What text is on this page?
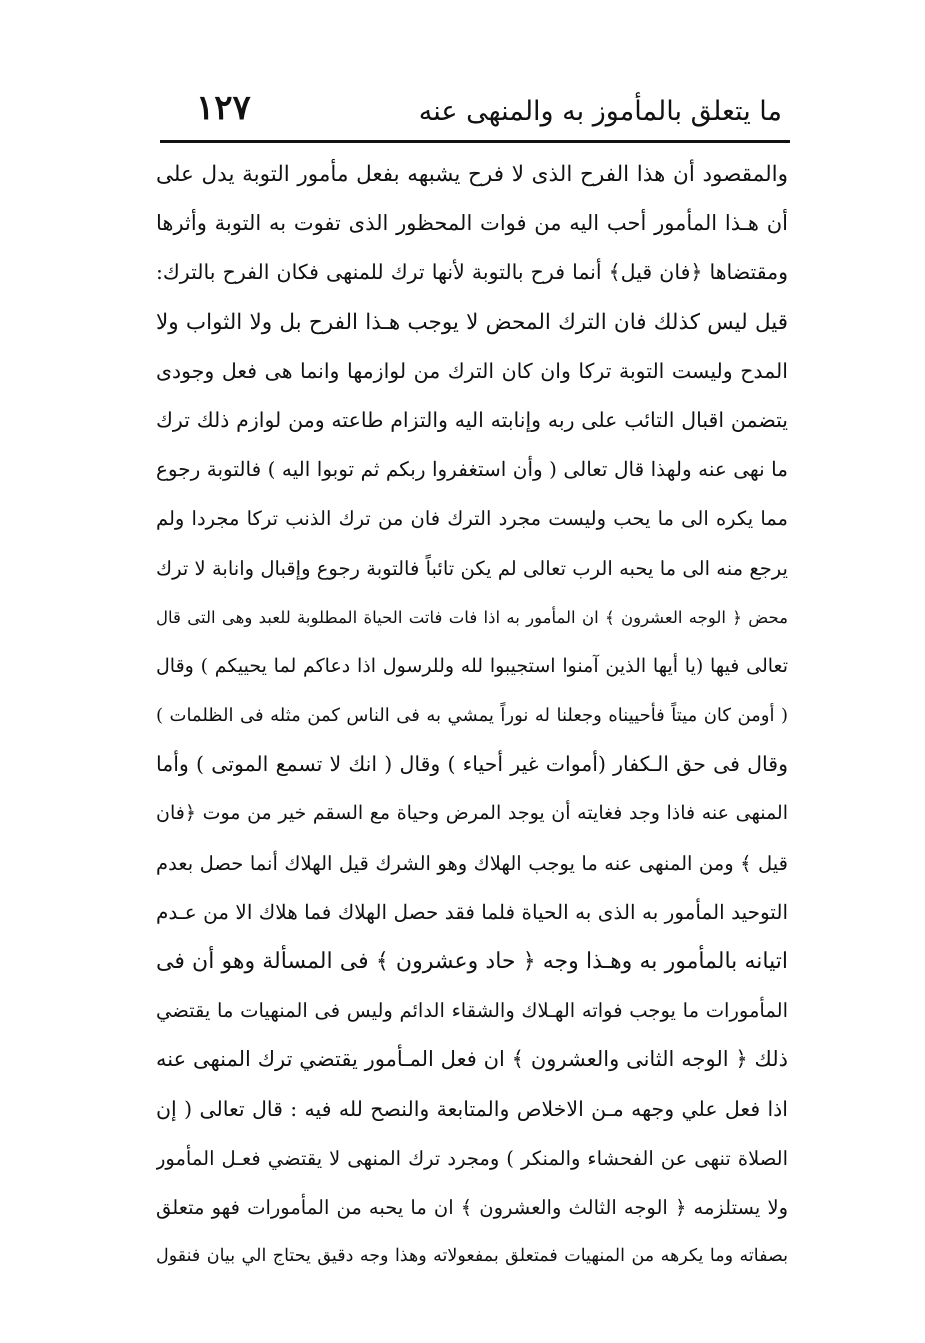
ما يتعلق بالمأموز به والمنهى عنه
١٢٧
والمقصود أن هذا الفرح الذى لا فرح يشبهه بفعل مأمور التوبة يدل على
أن هـذا المأمور أحب اليه من فوات المحظور الذى تفوت به التوبة وأثرها
ومقتضاها ﴿فان قيل﴾ أنما فرح بالتوبة لأنها ترك للمنهى فكان الفرح بالترك:
قيل ليس كذلك فان الترك المحض لا يوجب هـذا الفرح بل ولا الثواب ولا
المدح وليست التوبة تركا وان كان الترك من لوازمها وانما هى فعل وجودى
يتضمن اقبال التائب على ربه وإنابته اليه والتزام طاعته ومن لوازم ذلك ترك
ما نهى عنه ولهذا قال تعالى ( وأن استغفروا ربكم ثم توبوا اليه ) فالتوبة رجوع
مما يكره الى ما يحب وليست مجرد الترك فان من ترك الذنب تركا مجردا ولم
يرجع منه الى ما يحبه الرب تعالى لم يكن تائباً فالتوبة رجوع وإقبال وانابة لا ترك
محض ﴿ الوجه العشرون ﴾ ان المأمور به اذا فات فاتت الحياة المطلوبة للعبد وهى التى قال
تعالى فيها (يا أيها الذين آمنوا استجيبوا لله وللرسول اذا دعاكم لما يحييكم ) وقال
( أومن كان ميتاً فأحييناه وجعلنا له نوراً يمشي به فى الناس كمن مثله فى الظلمات )
وقال فى حق الـكفار (أموات غير أحياء ) وقال ( انك لا تسمع الموتى ) وأما
المنهى عنه فاذا وجد فغايته أن يوجد المرض وحياة مع السقم خير من موت ﴿فان
قيل ﴾ ومن المنهى عنه ما يوجب الهلاك وهو الشرك قيل الهلاك أنما حصل بعدم
التوحيد المأمور به الذى به الحياة فلما فقد حصل الهلاك فما هلاك الا من عـدم
اتيانه بالمأمور به وهـذا وجه ﴿ حاد وعشرون ﴾ فى المسألة وهو أن فى
المأمورات ما يوجب فواته الهـلاك والشقاء الدائم وليس فى المنهيات ما يقتضي
ذلك ﴿ الوجه الثانى والعشرون ﴾ ان فعل المـأمور يقتضي ترك المنهى عنه
اذا فعل علي وجهه مـن الاخلاص والمتابعة والنصح لله فيه : قال تعالى ( إن
الصلاة تنهى عن الفحشاء والمنكر ) ومجرد ترك المنهى لا يقتضي فعـل المأمور
ولا يستلزمه ﴿ الوجه الثالث والعشرون ﴾ ان ما يحبه من المأمورات فهو متعلق
بصفاته وما يكرهه من المنهيات فمتعلق بمفعولاته وهذا وجه دقيق يحتاج الي بيان فنقول
